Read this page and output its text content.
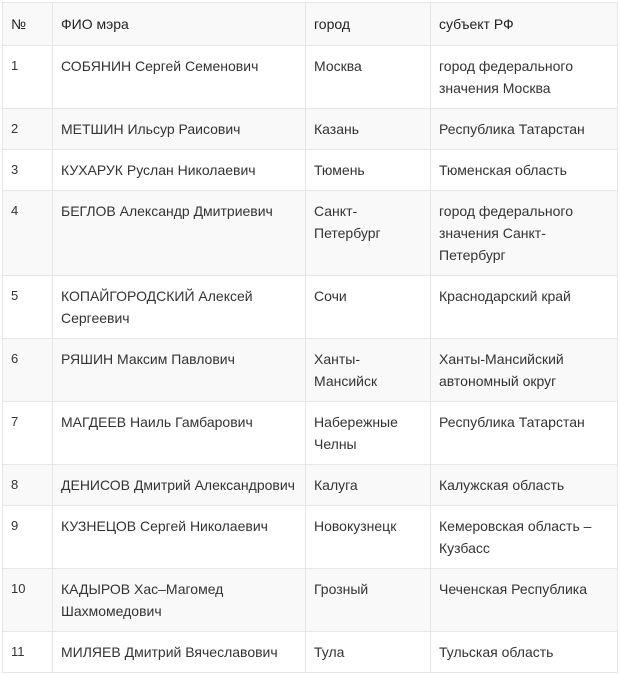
№	ФИО мэра	город	субъект РФ
1	СОБЯНИН Сергей Семенович	Москва	город федерального значения Москва
2	МЕТШИН Ильсур Раисович	Казань	Республика Татарстан
3	КУХАРУК Руслан Николаевич	Тюмень	Тюменская область
4	БЕГЛОВ Александр Дмитриевич	Санкт-Петербург	город федерального значения Санкт-Петербург
5	КОПАЙГОРОДСКИЙ Алексей Сергеевич	Сочи	Краснодарский край
6	РЯШИН Максим Павлович	Ханты-Мансийск	Ханты-Мансийский автономный округ
7	МАГДЕЕВ Наиль Гамбарович	Набережные Челны	Республика Татарстан
8	ДЕНИСОВ Дмитрий Александрович	Калуга	Калужская область
9	КУЗНЕЦОВ Сергей Николаевич	Новокузнецк	Кемеровская область – Кузбасс
10	КАДЫРОВ Хас–Магомед Шахмомедович	Грозный	Чеченская Республика
11	МИЛЯЕВ Дмитрий Вячеславович	Тула	Тульская область
